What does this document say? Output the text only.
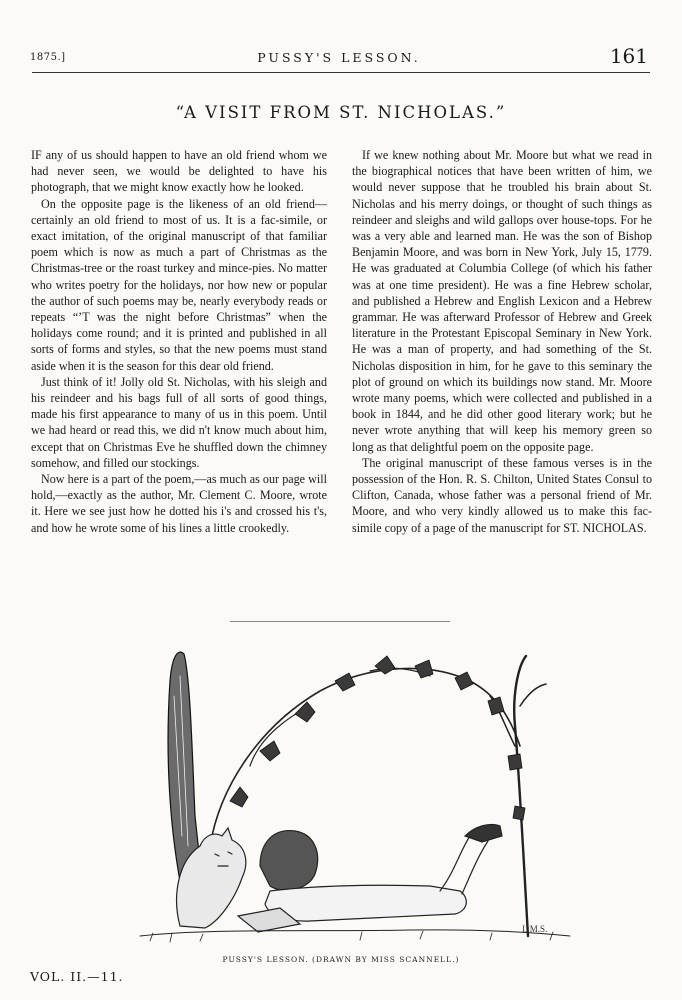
1875.]	PUSSY'S LESSON.	161
“A VISIT FROM ST. NICHOLAS.”

IF any of us should happen to have an old friend whom we had never seen, we would be delighted to have his photograph, that we might know exactly how he looked.

On the opposite page is the likeness of an old friend—certainly an old friend to most of us. It is a fac-simile, or exact imitation, of the original manuscript of that familiar poem which is now as much a part of Christmas as the Christmas-tree or the roast turkey and mince-pies. No matter who writes poetry for the holidays, nor how new or popular the author of such poems may be, nearly everybody reads or repeats “’T was the night before Christmas” when the holidays come round; and it is printed and published in all sorts of forms and styles, so that the new poems must stand aside when it is the season for this dear old friend.

Just think of it! Jolly old St. Nicholas, with his sleigh and his reindeer and his bags full of all sorts of good things, made his first appearance to many of us in this poem. Until we had heard or read this, we did n't know much about him, except that on Christmas Eve he shuffled down the chimney somehow, and filled our stockings.

Now here is a part of the poem,—as much as our page will hold,—exactly as the author, Mr. Clement C. Moore, wrote it. Here we see just how he dotted his i's and crossed his t's, and how he wrote some of his lines a little crookedly.

If we knew nothing about Mr. Moore but what we read in the biographical notices that have been written of him, we would never suppose that he troubled his brain about St. Nicholas and his merry doings, or thought of such things as reindeer and sleighs and wild gallops over house-tops. For he was a very able and learned man. He was the son of Bishop Benjamin Moore, and was born in New York, July 15, 1779. He was graduated at Columbia College (of which his father was at one time president). He was a fine Hebrew scholar, and published a Hebrew and English Lexicon and a Hebrew grammar. He was afterward Professor of Hebrew and Greek literature in the Protestant Episcopal Seminary in New York. He was a man of property, and had something of the St. Nicholas disposition in him, for he gave to this seminary the plot of ground on which its buildings now stand. Mr. Moore wrote many poems, which were collected and published in a book in 1844, and he did other good literary work; but he never wrote anything that will keep his memory green so long as that delightful poem on the opposite page.

The original manuscript of these famous verses is in the possession of the Hon. R. S. Chilton, United States Consul to Clifton, Canada, whose father was a personal friend of Mr. Moore, and who very kindly allowed us to make this fac-simile copy of a page of the manuscript for ST. NICHOLAS.

L.M.S.
PUSSY'S LESSON. (DRAWN BY MISS SCANNELL.)
VOL. II.—11.
